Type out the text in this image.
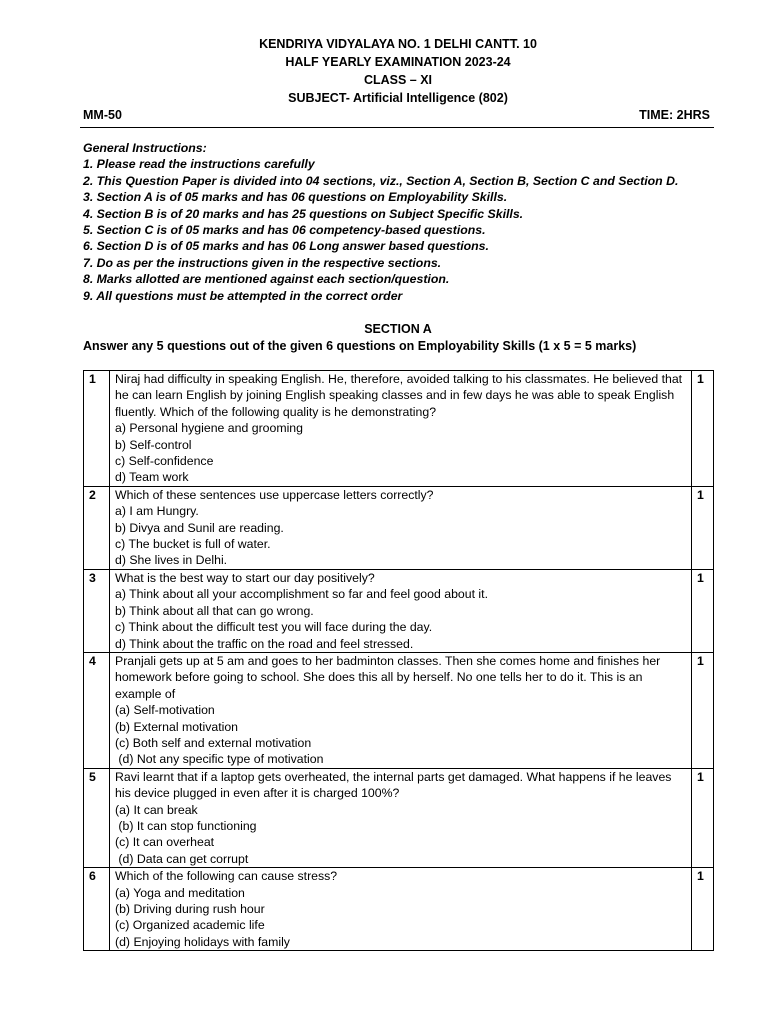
KENDRIYA VIDYALAYA NO. 1 DELHI CANTT. 10
HALF YEARLY EXAMINATION 2023-24
CLASS – XI
SUBJECT- Artificial Intelligence (802)
MM-50	TIME: 2HRS
General Instructions:
1. Please read the instructions carefully
2. This Question Paper is divided into 04 sections, viz., Section A, Section B, Section C and Section D.
3. Section A is of 05 marks and has 06 questions on Employability Skills.
4. Section B is of 20 marks and has 25 questions on Subject Specific Skills.
5. Section C is of 05 marks and has 06 competency-based questions.
6. Section D is of 05 marks and has 06 Long answer based questions.
7. Do as per the instructions given in the respective sections.
8. Marks allotted are mentioned against each section/question.
9. All questions must be attempted in the correct order
SECTION A
Answer any 5 questions out of the given 6 questions on Employability Skills (1 x 5 = 5 marks)
1	Niraj had difficulty in speaking English. He, therefore, avoided talking to his classmates. He believed that he can learn English by joining English speaking classes and in few days he was able to speak English fluently. Which of the following quality is he demonstrating?
a) Personal hygiene and grooming
b) Self-control
c) Self-confidence
d) Team work	1
2	Which of these sentences use uppercase letters correctly?
a) I am Hungry.
b) Divya and Sunil are reading.
c) The bucket is full of water.
d) She lives in Delhi.	1
3	What is the best way to start our day positively?
a) Think about all your accomplishment so far and feel good about it.
b) Think about all that can go wrong.
c) Think about the difficult test you will face during the day.
d) Think about the traffic on the road and feel stressed.	1
4	Pranjali gets up at 5 am and goes to her badminton classes. Then she comes home and finishes her homework before going to school. She does this all by herself. No one tells her to do it. This is an example of
(a) Self-motivation
(b) External motivation
(c) Both self and external motivation
(d) Not any specific type of motivation	1
5	Ravi learnt that if a laptop gets overheated, the internal parts get damaged. What happens if he leaves his device plugged in even after it is charged 100%?
(a) It can break
(b) It can stop functioning
(c) It can overheat
(d) Data can get corrupt	1
6	Which of the following can cause stress?
(a) Yoga and meditation
(b) Driving during rush hour
(c) Organized academic life
(d) Enjoying holidays with family	1
